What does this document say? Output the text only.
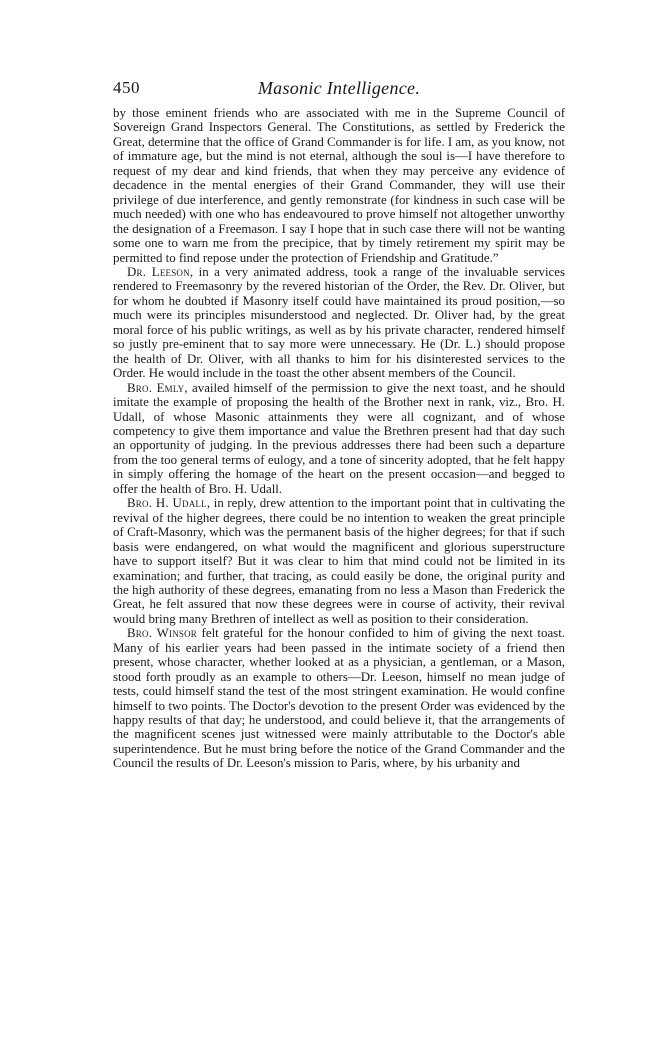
450	Masonic Intelligence.

by those eminent friends who are associated with me in the Supreme Council of Sovereign Grand Inspectors General. The Constitutions, as settled by Frederick the Great, determine that the office of Grand Commander is for life. I am, as you know, not of immature age, but the mind is not eternal, although the soul is—I have therefore to request of my dear and kind friends, that when they may perceive any evidence of decadence in the mental energies of their Grand Commander, they will use their privilege of due interference, and gently remonstrate (for kindness in such case will be much needed) with one who has endeavoured to prove himself not altogether unworthy the designation of a Freemason. I say I hope that in such case there will not be wanting some one to warn me from the precipice, that by timely retirement my spirit may be permitted to find repose under the protection of Friendship and Gratitude.”

Dr. Leeson, in a very animated address, took a range of the invaluable services rendered to Freemasonry by the revered historian of the Order, the Rev. Dr. Oliver, but for whom he doubted if Masonry itself could have maintained its proud position,—so much were its principles misunderstood and neglected. Dr. Oliver had, by the great moral force of his public writings, as well as by his private character, rendered himself so justly pre-eminent that to say more were unnecessary. He (Dr. L.) should propose the health of Dr. Oliver, with all thanks to him for his disinterested services to the Order. He would include in the toast the other absent members of the Council.

Bro. Emly, availed himself of the permission to give the next toast, and he should imitate the example of proposing the health of the Brother next in rank, viz., Bro. H. Udall, of whose Masonic attainments they were all cognizant, and of whose competency to give them importance and value the Brethren present had that day such an opportunity of judging. In the previous addresses there had been such a departure from the too general terms of eulogy, and a tone of sincerity adopted, that he felt happy in simply offering the homage of the heart on the present occasion—and begged to offer the health of Bro. H. Udall.

Bro. H. Udall, in reply, drew attention to the important point that in cultivating the revival of the higher degrees, there could be no intention to weaken the great principle of Craft-Masonry, which was the permanent basis of the higher degrees; for that if such basis were endangered, on what would the magnificent and glorious superstructure have to support itself? But it was clear to him that mind could not be limited in its examination; and further, that tracing, as could easily be done, the original purity and the high authority of these degrees, emanating from no less a Mason than Frederick the Great, he felt assured that now these degrees were in course of activity, their revival would bring many Brethren of intellect as well as position to their consideration.

Bro. Winsor felt grateful for the honour confided to him of giving the next toast. Many of his earlier years had been passed in the intimate society of a friend then present, whose character, whether looked at as a physician, a gentleman, or a Mason, stood forth proudly as an example to others—Dr. Leeson, himself no mean judge of tests, could himself stand the test of the most stringent examination. He would confine himself to two points. The Doctor's devotion to the present Order was evidenced by the happy results of that day; he understood, and could believe it, that the arrangements of the magnificent scenes just witnessed were mainly attributable to the Doctor's able superintendence. But he must bring before the notice of the Grand Commander and the Council the results of Dr. Leeson's mission to Paris, where, by his urbanity and
